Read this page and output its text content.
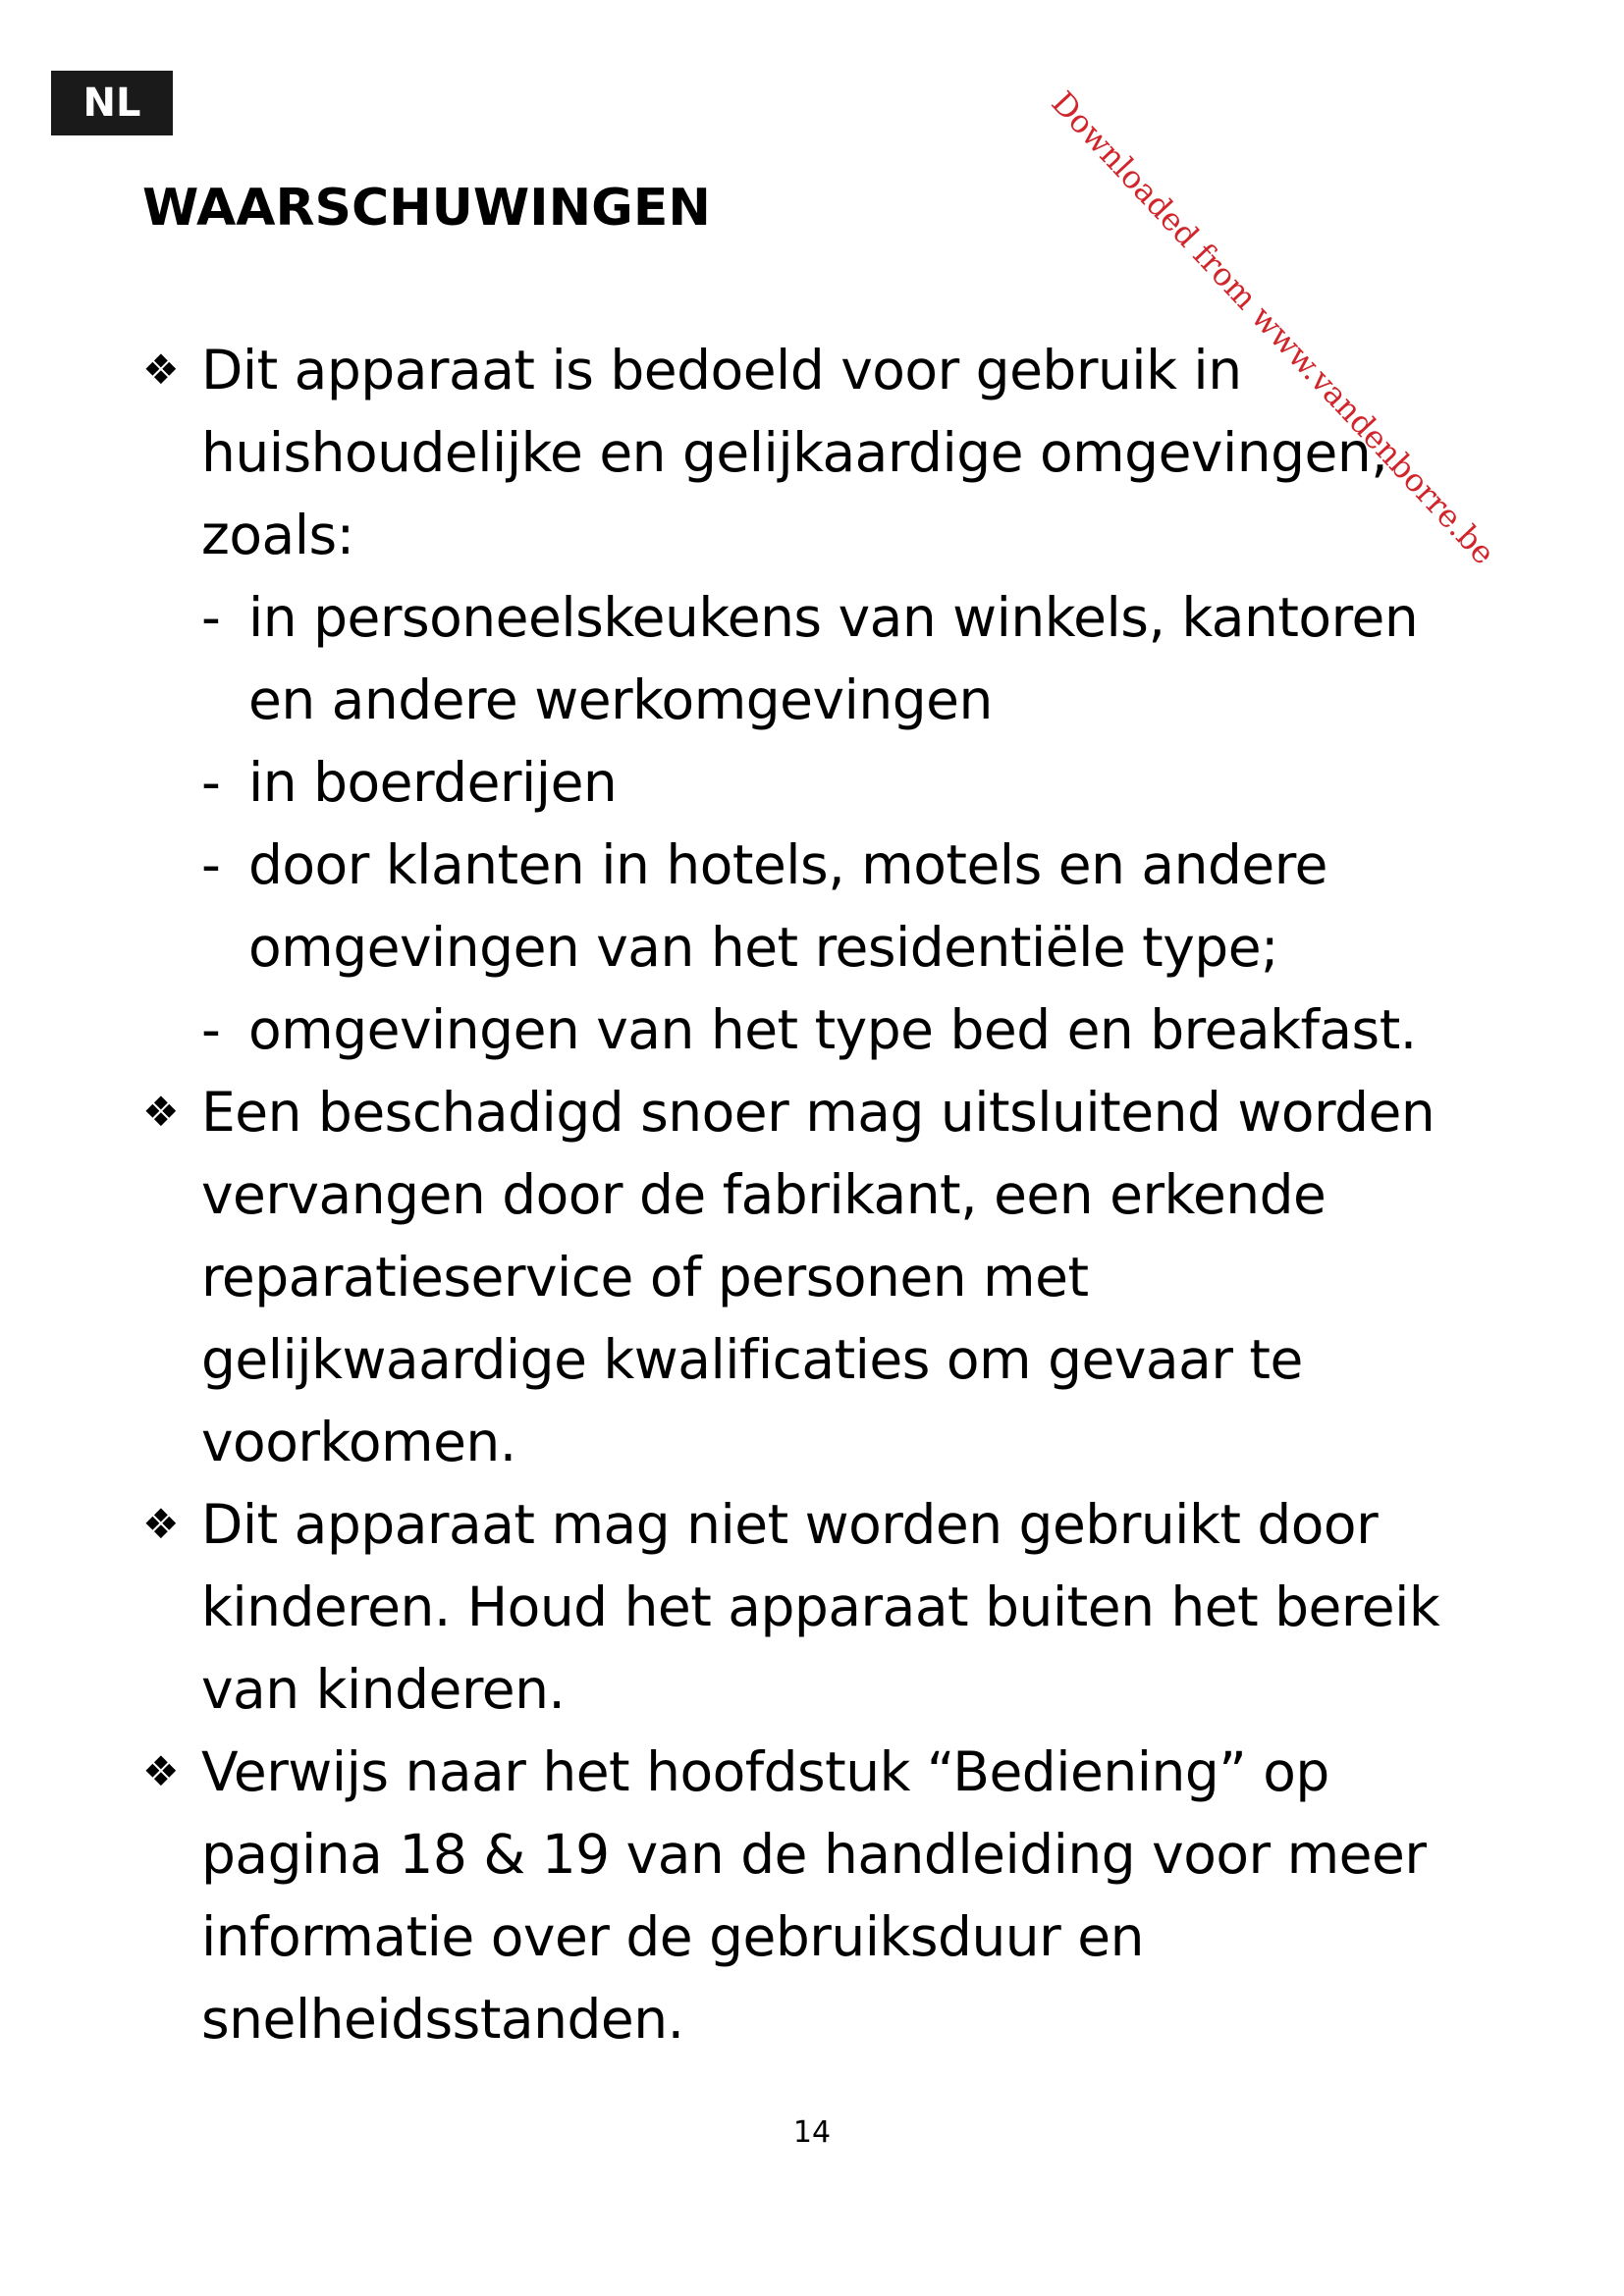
NL
WAARSCHUWINGEN	Downloaded from www.vandenborre.be
❖ Dit apparaat is bedoeld voor gebruik in
huishoudelijke en gelijkaardige omgevingen,
zoals:
- in personeelskeukens van winkels, kantoren
en andere werkomgevingen
- in boerderijen
- door klanten in hotels, motels en andere
omgevingen van het residentiële type;
- omgevingen van het type bed en breakfast.
❖ Een beschadigd snoer mag uitsluitend worden
vervangen door de fabrikant, een erkende
reparatieservice of personen met
gelijkwaardige kwalificaties om gevaar te
voorkomen.
❖ Dit apparaat mag niet worden gebruikt door
kinderen. Houd het apparaat buiten het bereik
van kinderen.
❖ Verwijs naar het hoofdstuk “Bediening” op
pagina 18 & 19 van de handleiding voor meer
informatie over de gebruiksduur en
snelheidsstanden.
14
